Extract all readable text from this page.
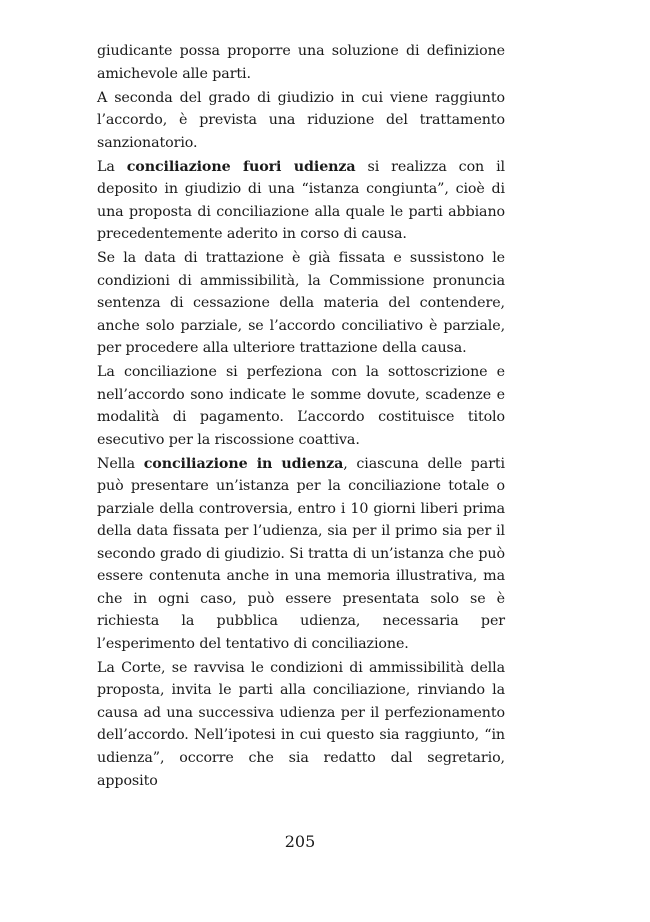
giudicante possa proporre una soluzione di definizione amichevole alle parti.

A seconda del grado di giudizio in cui viene raggiunto l’accordo, è prevista una riduzione del trattamento sanzionatorio.

La conciliazione fuori udienza si realizza con il deposito in giudizio di una “istanza congiunta”, cioè di una proposta di conciliazione alla quale le parti abbiano precedentemente aderito in corso di causa.

Se la data di trattazione è già fissata e sussistono le condizioni di ammissibilità, la Commissione pronuncia sentenza di cessazione della materia del contendere, anche solo parziale, se l’accordo conciliativo è parziale, per procedere alla ulteriore trattazione della causa.

La conciliazione si perfeziona con la sottoscrizione e nell’accordo sono indicate le somme dovute, scadenze e modalità di pagamento. L’accordo costituisce titolo esecutivo per la riscossione coattiva.

Nella conciliazione in udienza, ciascuna delle parti può presentare un’istanza per la conciliazione totale o parziale della controversia, entro i 10 giorni liberi prima della data fissata per l’udienza, sia per il primo sia per il secondo grado di giudizio. Si tratta di un’istanza che può essere contenuta anche in una memoria illustrativa, ma che in ogni caso, può essere presentata solo se è richiesta la pubblica udienza, necessaria per l’esperimento del tentativo di conciliazione.

La Corte, se ravvisa le condizioni di ammissibilità della proposta, invita le parti alla conciliazione, rinviando la causa ad una successiva udienza per il perfezionamento dell’accordo. Nell’ipotesi in cui questo sia raggiunto, “in udienza”, occorre che sia redatto dal segretario, apposito

205
